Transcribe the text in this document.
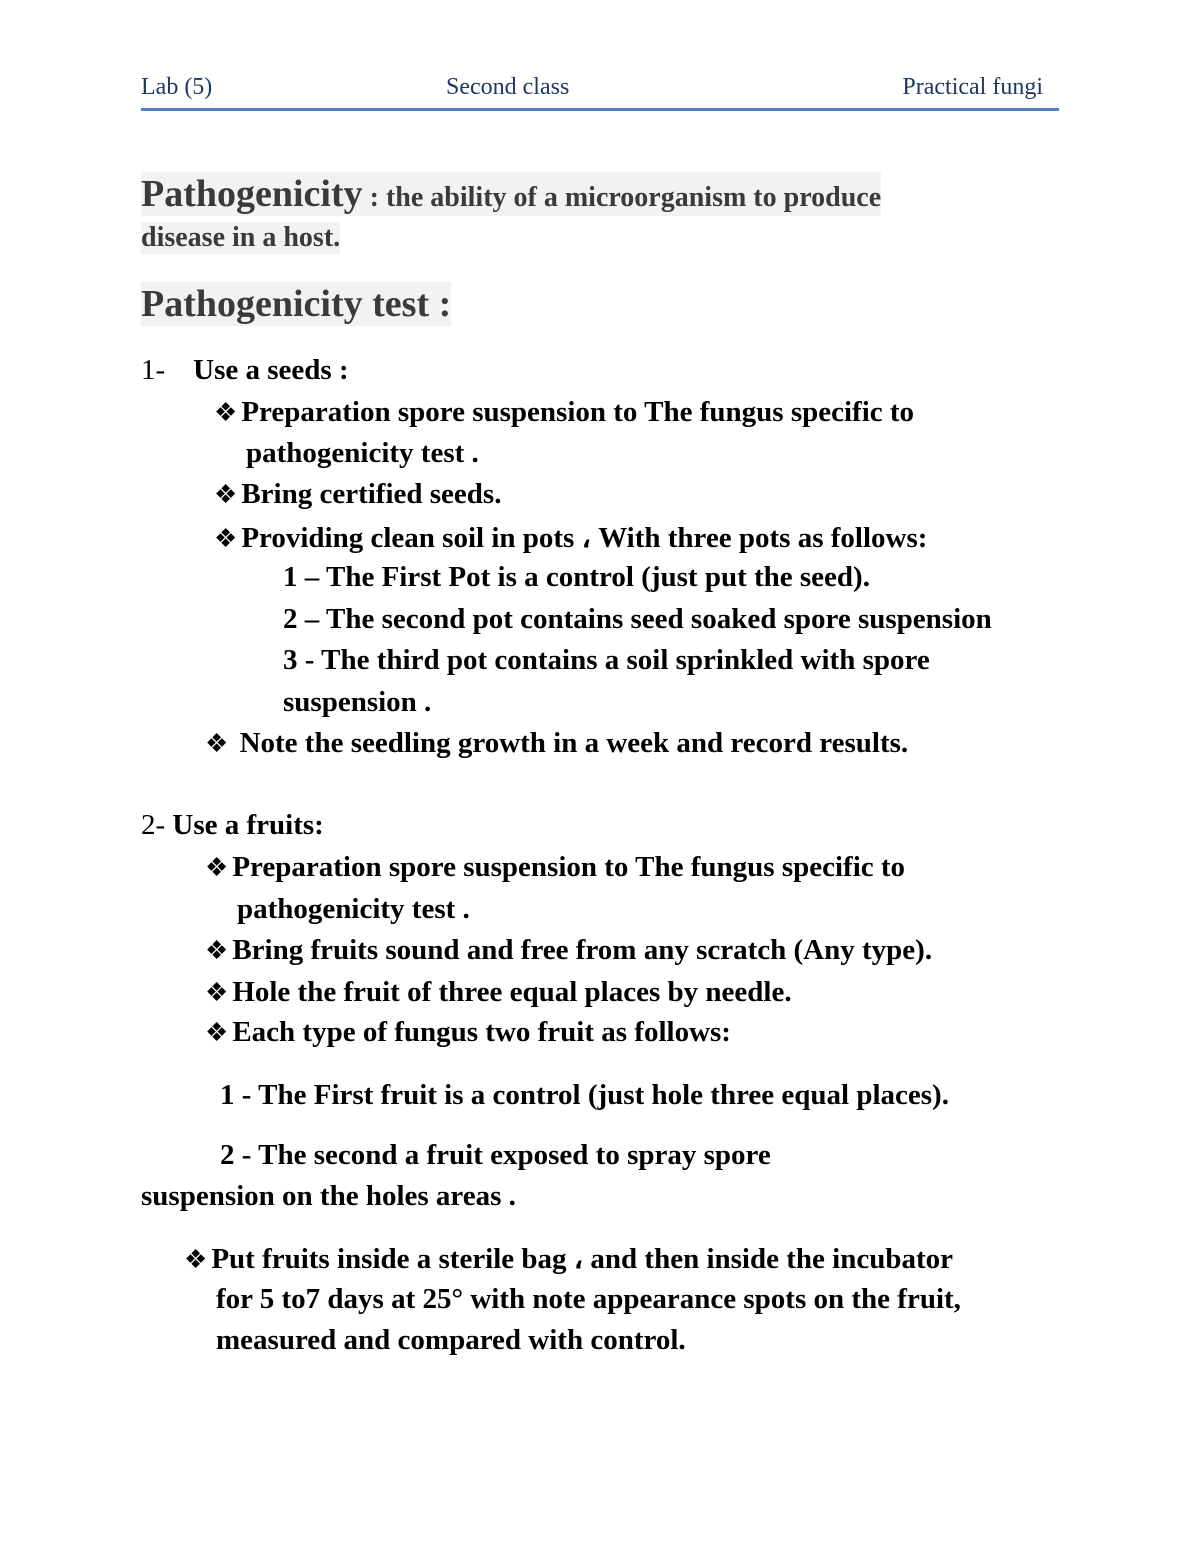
Lab (5)	Second class	Practical fungi
Pathogenicity : the ability of a microorganism to produce
disease in a host.
Pathogenicity test :
1- Use a seeds :
❖ Preparation spore suspension to The fungus specific to
pathogenicity test .
❖ Bring certified seeds.
❖ Providing clean soil in pots ، With three pots as follows:
1 – The First Pot is a control (just put the seed).
2 – The second pot contains seed soaked spore suspension
3 - The third pot contains a soil sprinkled with spore
suspension .
❖ Note the seedling growth in a week and record results.
2- Use a fruits:
❖ Preparation spore suspension to The fungus specific to
pathogenicity test .
❖ Bring fruits sound and free from any scratch (Any type).
❖ Hole the fruit of three equal places by needle.
❖ Each type of fungus two fruit as follows:
1 - The First fruit is a control (just hole three equal places).
2 - The second a fruit exposed to spray spore
suspension on the holes areas .
❖ Put fruits inside a sterile bag ، and then inside the incubator
for 5 to7 days at 25° with note appearance spots on the fruit,
measured and compared with control.
